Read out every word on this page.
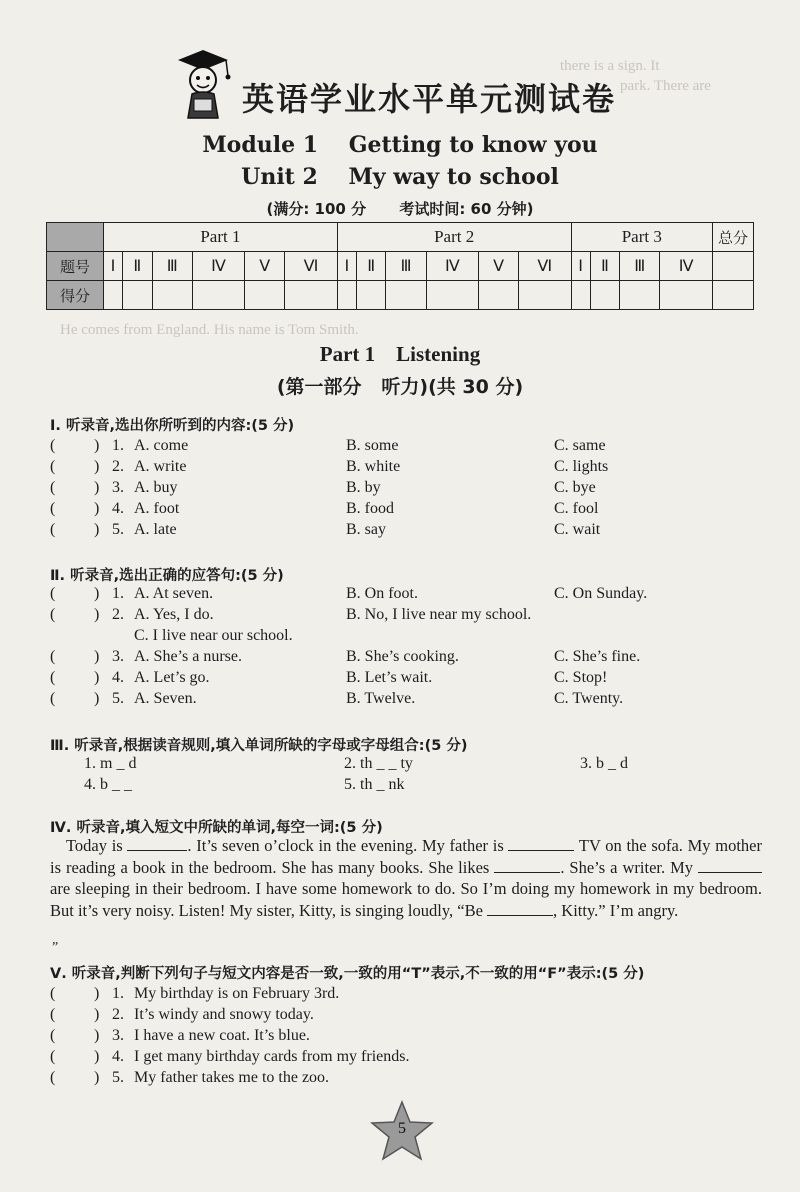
there is a sign. It
park. There are
He comes from England. His name is Tom Smith.
英语学业水平单元测试卷
Module 1    Getting to know you
Unit 2    My way to school
(满分: 100 分 考试时间: 60 分钟)
	Part 1						Part 2						Part 3				总分
题号	Ⅰ	Ⅱ	Ⅲ	Ⅳ	Ⅴ	Ⅵ	Ⅰ	Ⅱ	Ⅲ	Ⅳ	Ⅴ	Ⅵ	Ⅰ	Ⅱ	Ⅲ	Ⅳ	
得分																	
Part 1    Listening
(第一部分   听力)(共 30 分)
Ⅰ. 听录音,选出你所听到的内容:(5 分)
( ) 1. A. come	B. some	C. same
( ) 2. A. write	B. white	C. lights
( ) 3. A. buy	B. by	C. bye
( ) 4. A. foot	B. food	C. fool
( ) 5. A. late	B. say	C. wait
Ⅱ. 听录音,选出正确的应答句:(5 分)
( ) 1. A. At seven.	B. On foot.	C. On Sunday.
( ) 2. A. Yes, I do.	B. No, I live near my school.
C. I live near our school.
( ) 3. A. She’s a nurse.	B. She’s cooking.	C. She’s fine.
( ) 4. A. Let’s go.	B. Let’s wait.	C. Stop!
( ) 5. A. Seven.	B. Twelve.	C. Twenty.
Ⅲ. 听录音,根据读音规则,填入单词所缺的字母或字母组合:(5 分)
1. m _ d	2. th _ _ ty	3. b _ d
4. b _ _	5. th _ nk
Ⅳ. 听录音,填入短文中所缺的单词,每空一词:(5 分)
Today is	. It’s seven o’clock in the evening. My father is	TV on the sofa. My mother is reading a book in the bedroom. She has many books. She likes	. She’s a writer. My  are sleeping in their bedroom. I have some homework to do. So I’m doing my homework in my bedroom. But it’s very noisy. Listen! My sister, Kitty, is singing loudly, “Be	, Kitty.” I’m angry.
”
Ⅴ. 听录音,判断下列句子与短文内容是否一致,一致的用“T”表示,不一致的用“F”表示:(5 分)
( ) 1. My birthday is on February 3rd.
( ) 2. It’s windy and snowy today.
( ) 3. I have a new coat. It’s blue.
( ) 4. I get many birthday cards from my friends.
( ) 5. My father takes me to the zoo.
5
